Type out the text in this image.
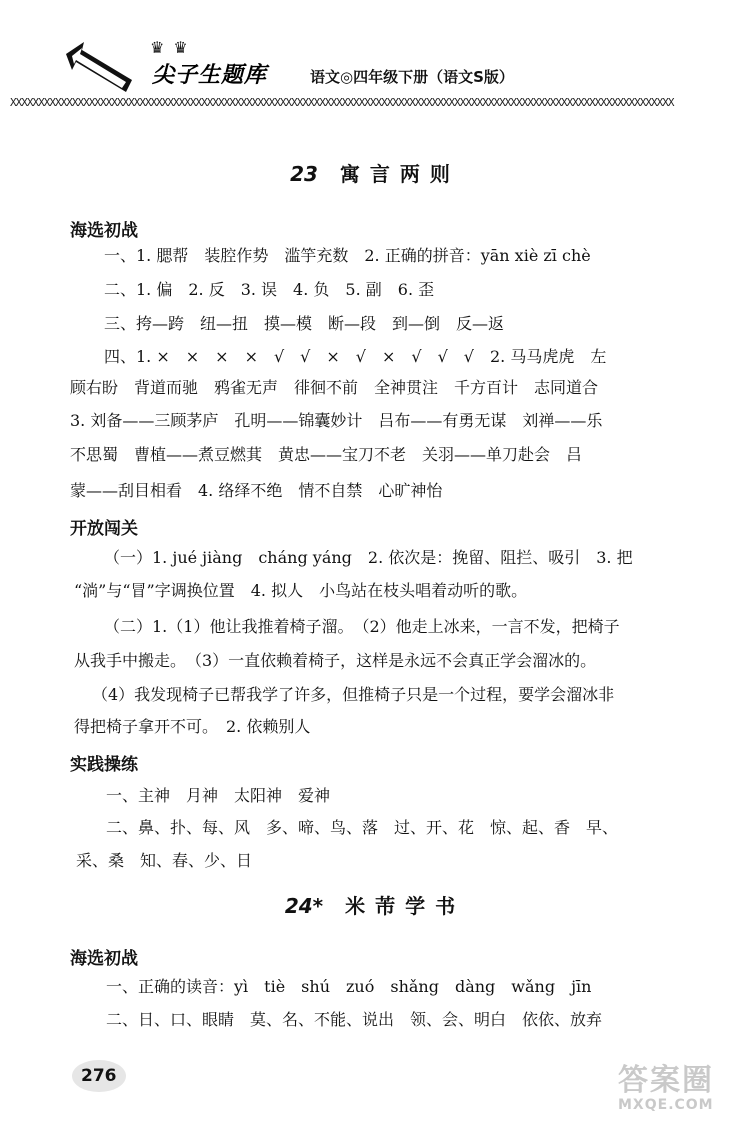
♛ ♛
尖子生题库	语文◎四年级下册（语文S版）
XXXXXXXXXXXXXXXXXXXXXXXXXXXXXXXXXXXXXXXXXXXXXXXXXXXXXXXXXXXXXXXXXXXXXXXXXXXXXXXXXXXXXXXXXXXXXXXXXXXXXXXXXXXXXXXXXXXXXX
23 寓言两则
海选初战
一、1. 腮帮　装腔作势　滥竽充数　2. 正确的拼音：yān xiè zī chè
二、1. 偏　2. 反　3. 误　4. 负　5. 副　6. 歪
三、挎—跨　纽—扭　摸—模　断—段　到—倒　反—返
四、1. ×　×　×　×　√　√　×　√　×　√　√　√　2. 马马虎虎　左
顾右盼　背道而驰　鸦雀无声　徘徊不前　全神贯注　千方百计　志同道合
3. 刘备——三顾茅庐　孔明——锦囊妙计　吕布——有勇无谋　刘禅——乐
不思蜀　曹植——煮豆燃萁　黄忠——宝刀不老　关羽——单刀赴会　吕
蒙——刮目相看　4. 络绎不绝　情不自禁　心旷神怡
开放闯关
（一）1. jué jiàng　cháng yáng　2. 依次是：挽留、阻拦、吸引　3. 把
“淌”与“冒”字调换位置　4. 拟人　小鸟站在枝头唱着动听的歌。
（二）1.（1）他让我推着椅子溜。　（2）他走上冰来，一言不发，把椅子
从我手中搬走。　（3）一直依赖着椅子，这样是永远不会真正学会溜冰的。
（4）我发现椅子已帮我学了许多，但推椅子只是一个过程，要学会溜冰非
得把椅子拿开不可。　2. 依赖别人
实践操练
一、主神　月神　太阳神　爱神
二、鼻、扑、每、风　多、啼、鸟、落　过、开、花　惊、起、香　早、
采、桑　知、春、少、日
24* 米芾学书
海选初战
一、正确的读音：yì　tiè　shú　zuó　shǎng　dàng　wǎng　jīn
二、日、口、眼睛　莫、名、不能、说出　领、会、明白　依依、放弃
276	答案圈
MXQE.COM
